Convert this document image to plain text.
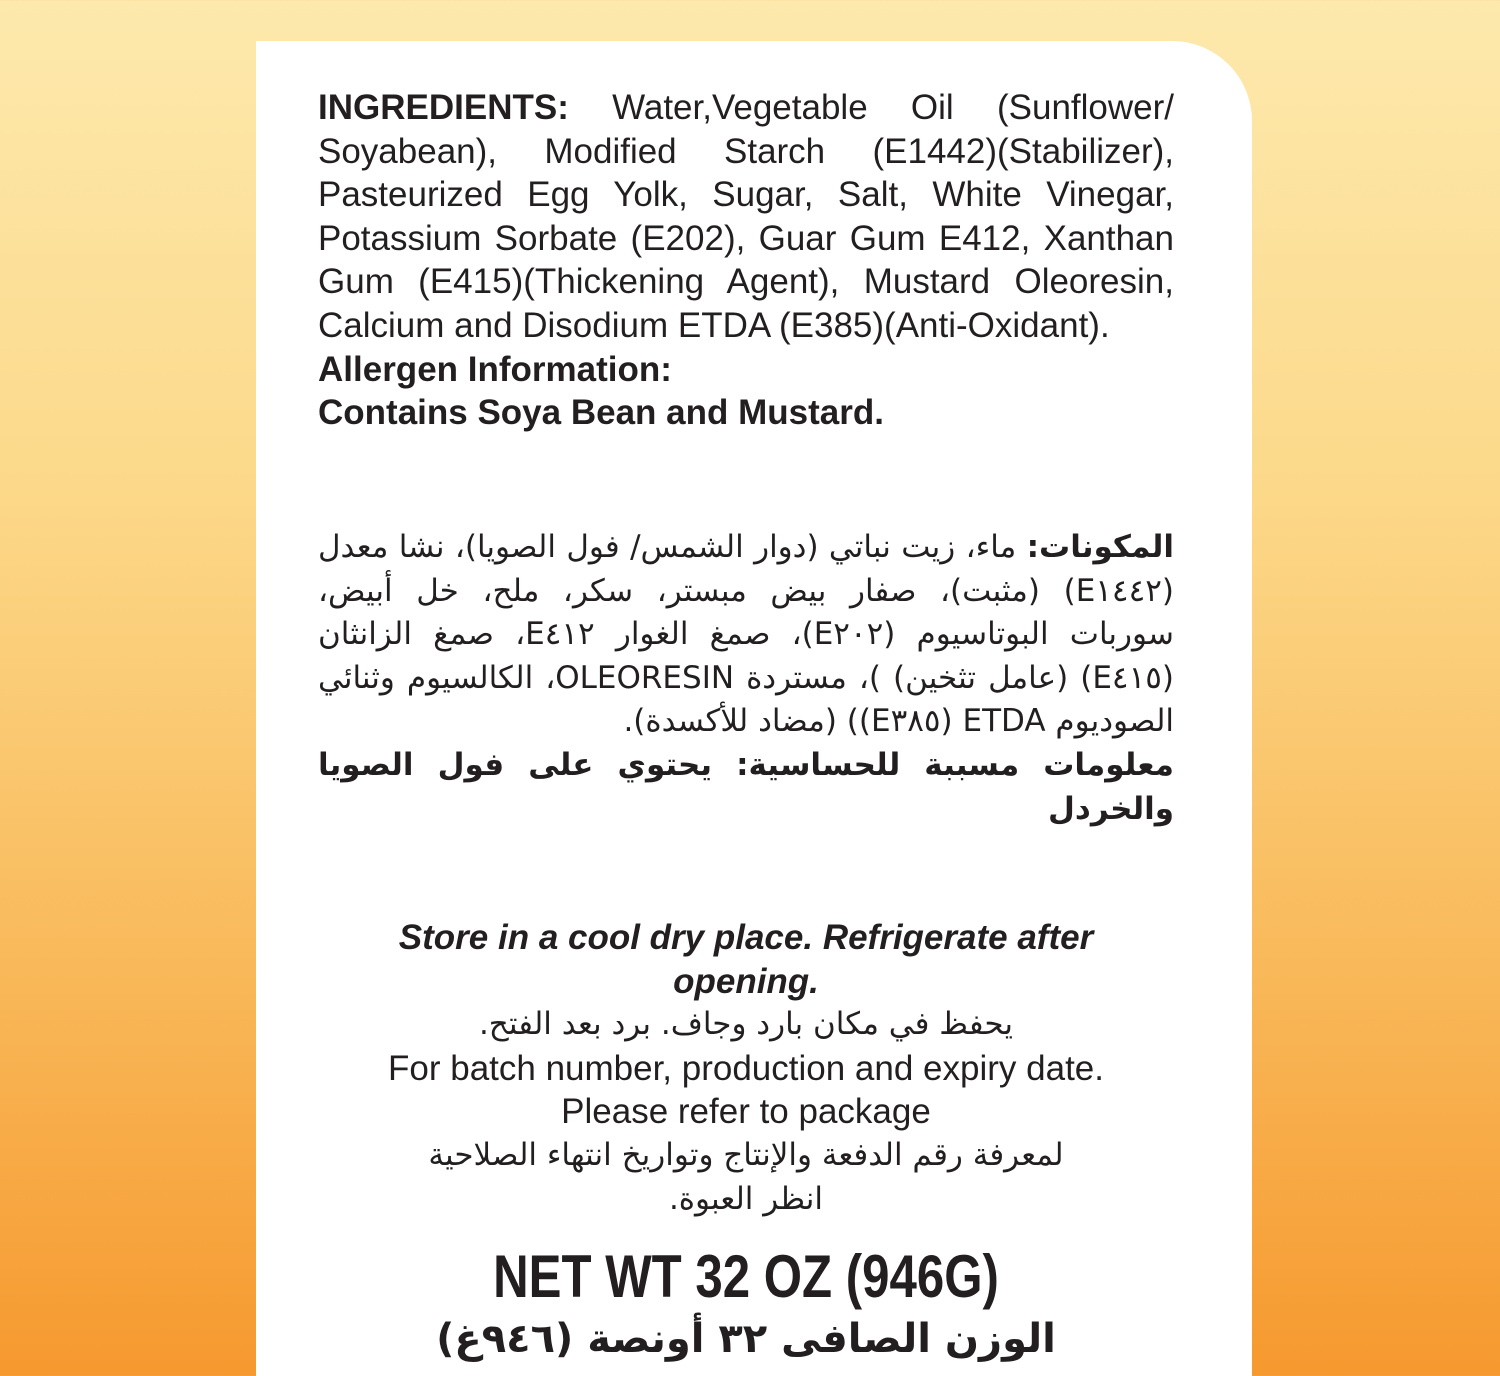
INGREDIENTS: Water,Vegetable Oil (Sunflower/ Soyabean), Modified Starch (E1442)(Stabilizer), Pasteurized Egg Yolk, Sugar, Salt, White Vinegar, Potassium Sorbate (E202), Guar Gum E412, Xanthan Gum (E415)(Thickening Agent), Mustard Oleoresin, Calcium and Disodium ETDA (E385)(Anti-Oxidant).

Allergen Information:

Contains Soya Bean and Mustard.

المكونات: ماء، زيت نباتي (دوار الشمس/ فول الصويا)، نشا معدل (E١٤٤٢) (مثبت)، صفار بيض مبستر، سكر، ملح، خل أبيض، سوربات البوتاسيوم (E٢٠٢)، صمغ الغوار E٤١٢، صمغ الزانثان (E٤١٥) (عامل تثخين) )، مستردة OLEORESIN، الكالسيوم وثنائي الصوديوم ETDA (E٣٨٥)) (مضاد للأكسدة).

معلومات مسببة للحساسية: يحتوي على فول الصويا والخردل

Store in a cool dry place. Refrigerate after opening.

يحفظ في مكان بارد وجاف. برد بعد الفتح.

For batch number, production and expiry date.

Please refer to package

لمعرفة رقم الدفعة والإنتاج وتواريخ انتهاء الصلاحية

انظر العبوة.

NET WT 32 OZ (946G)

الوزن الصافى ٣٢ أونصة (٩٤٦غ)
